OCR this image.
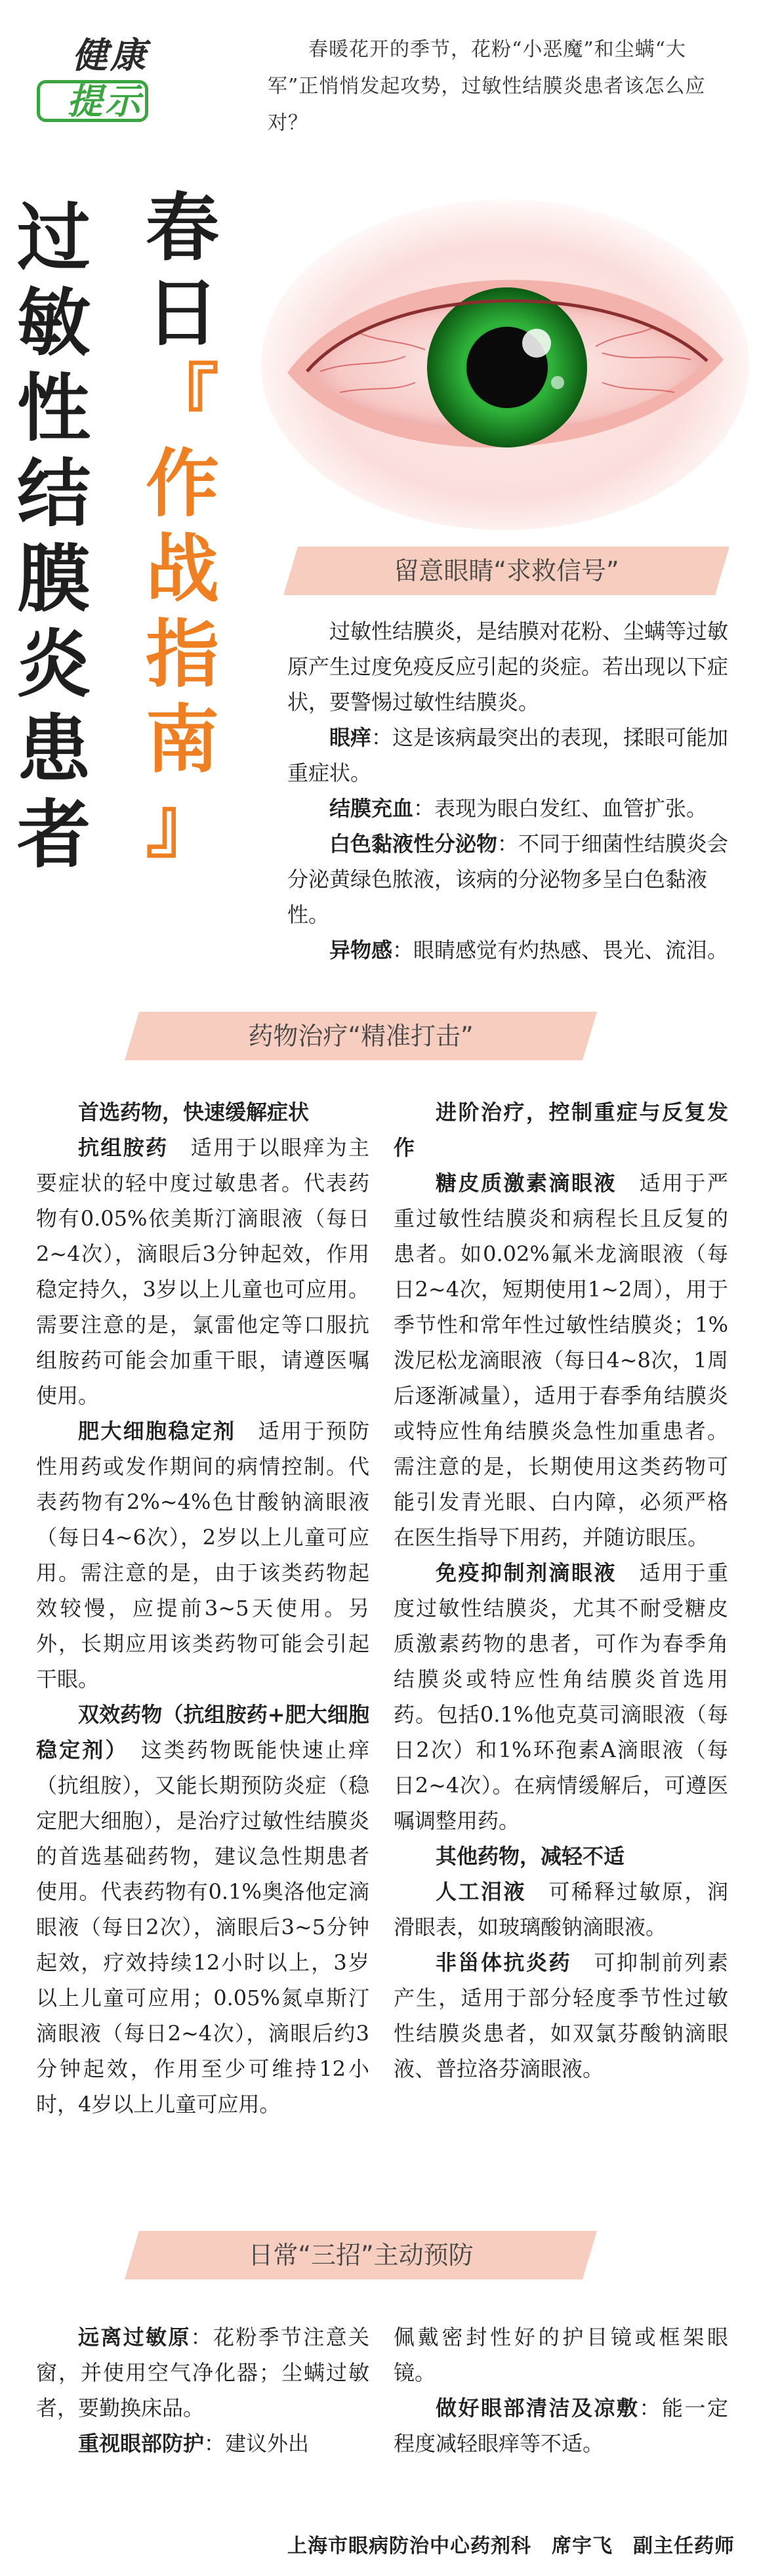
健康
提示
春暖花开的季节，花粉“小恶魔”和尘螨“大军”正悄悄发起攻势，过敏性结膜炎患者该怎么应对？
过敏性结膜炎患者
春
日
『
作
战
指
南
』
留意眼睛“求救信号”

过敏性结膜炎，是结膜对花粉、尘螨等过敏原产生过度免疫反应引起的炎症。若出现以下症状，要警惕过敏性结膜炎。

眼痒：这是该病最突出的表现，揉眼可能加重症状。

结膜充血：表现为眼白发红、血管扩张。

白色黏液性分泌物：不同于细菌性结膜炎会分泌黄绿色脓液，该病的分泌物多呈白色黏液性。

异物感：眼睛感觉有灼热感、畏光、流泪。

药物治疗“精准打击”

首选药物，快速缓解症状

抗组胺药　适用于以眼痒为主要症状的轻中度过敏患者。代表药物有0.05%依美斯汀滴眼液（每日2~4次），滴眼后3分钟起效，作用稳定持久，3岁以上儿童也可应用。需要注意的是，氯雷他定等口服抗组胺药可能会加重干眼，请遵医嘱使用。

肥大细胞稳定剂　适用于预防性用药或发作期间的病情控制。代表药物有2%~4%色甘酸钠滴眼液（每日4~6次），2岁以上儿童可应用。需注意的是，由于该类药物起效较慢，应提前3~5天使用。另外，长期应用该类药物可能会引起干眼。

双效药物（抗组胺药+肥大细胞稳定剂）　这类药物既能快速止痒（抗组胺），又能长期预防炎症（稳定肥大细胞），是治疗过敏性结膜炎的首选基础药物，建议急性期患者使用。代表药物有0.1%奥洛他定滴眼液（每日2次），滴眼后3~5分钟起效，疗效持续12小时以上，3岁以上儿童可应用；0.05%氮卓斯汀滴眼液（每日2~4次），滴眼后约3分钟起效，作用至少可维持12小时，4岁以上儿童可应用。

进阶治疗，控制重症与反复发作

糖皮质激素滴眼液　适用于严重过敏性结膜炎和病程长且反复的患者。如0.02%氟米龙滴眼液（每日2~4次，短期使用1~2周），用于季节性和常年性过敏性结膜炎；1%泼尼松龙滴眼液（每日4~8次，1周后逐渐减量），适用于春季角结膜炎或特应性角结膜炎急性加重患者。需注意的是，长期使用这类药物可能引发青光眼、白内障，必须严格在医生指导下用药，并随访眼压。

免疫抑制剂滴眼液　适用于重度过敏性结膜炎，尤其不耐受糖皮质激素药物的患者，可作为春季角结膜炎或特应性角结膜炎首选用药。包括0.1%他克莫司滴眼液（每日2次）和1%环孢素A滴眼液（每日2~4次）。在病情缓解后，可遵医嘱调整用药。

其他药物，减轻不适

人工泪液　可稀释过敏原，润滑眼表，如玻璃酸钠滴眼液。

非甾体抗炎药　可抑制前列素产生，适用于部分轻度季节性过敏性结膜炎患者，如双氯芬酸钠滴眼液、普拉洛芬滴眼液。

日常“三招”主动预防

远离过敏原：花粉季节注意关窗，并使用空气净化器；尘螨过敏者，要勤换床品。

重视眼部防护：建议外出

佩戴密封性好的护目镜或框架眼镜。

做好眼部清洁及凉敷：能一定程度减轻眼痒等不适。

上海市眼病防治中心药剂科　席宇飞　副主任药师
